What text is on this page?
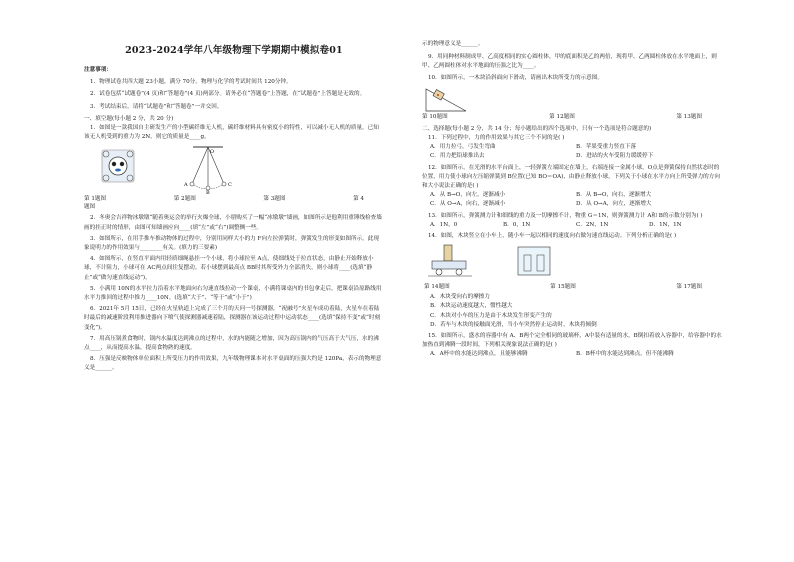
2023-2024学年八年级物理下学期期中模拟卷01

注意事项：

1．物理试卷共四大题 23小题，满分 70分。物理与化学的考试时间共 120分钟。

2．试卷包括“试题卷”(4 页)和“答题卷”(4 页)两部分。请务必在“答题卷”上答题，在“试题卷”上答题是无效的。

3．考试结束后，请将“试题卷”和“答题卷”一并交回。

一、填空题(每小题 2 分，共 20 分)

1．如图是一款我国自主研发生产的小型碳纤维无人机，碳纤维材料具有密度小的特性，可以减小无人机的质量。已知该无人机受到的重力为 2N，则它的质量是____g。

A
O
C
B
第 1题图	第 2题图	第 3题图	第 4
题图

2．冬奥会吉祥物冰墩墩“随着奥运会的举行火爆全球，小朋购买了一幅“冰墩墩”墙画，如图所示是他利用重锤线检查墙画的挂正时的情形，由图可知墙画应向____(填“左”或“右”)调整侧一些。

3．如图所示，在用手推车推动物体的过程中，分别用同样大小的力 F向左拉弹簧时，弹簧发生的形变如图所示，此现象说明力的作用效果与________有关。(填力的三要素)

4．如图所示，在竖直平面内用轻质细绳悬挂一个小球，将小球拉至 A点，使细线处于拉直状态，由静止开始释放小球，不计阻力，小球可在 AC两点间往复摆动。若小球摆到最高点 BB时其所受外力全部消失，则小球将____(选填“静止”或“做匀速直线运动”)。

5．小满用 10N的水平拉力沿着水平地面向右匀速直线拉动一个课桌，小满将课桌内的书包拿走后，把课桌沿原路线用水平力推回的过程中推力____10N。(选填“大于”、“等于”或“小于”)

6．2021年 5月 15日，已经在火星轨道上完成了三个月的天问一号探测器，“祝融号”火星车成功着陆，火星车在着陆时最后的减速阶段利用推进器向下喷气使探测器减速着陆，探测器在该运动过程中运动状态____(选填“保持不变”或“时刻变化”)。

7．用高压锅煮食物时，锅内水温度达到沸点的过程中，水的内能随之增加，因为高压锅内的气压高于大气压，水的沸点____，从而提高水温，提高食物熟的速度。

8．压强是反映物体单位面积上所受压力的作用效果，九年级物理课本对水平桌面的压强大约是 120Pa，表示的物理意义是______。

示的物理意义是______。

9．用同种材料制成甲、乙高度相同的实心圆柱体，甲的底面积是乙的两倍，现将甲、乙两圆柱体放在水平地面上，则甲、乙两圆柱体对水平地面的压强之比为____。

10．如图所示，一木块沿斜面向下滑动，请画出木块所受力的示意图。

第 10题图	第 12题图	第 13题图

二、选择题(每小题 2 分，共 14 分；每小题给出的四个选项中，只有一个选项是符合题意的)

11．下列过程中，力的作用效果与其它三个不同的是( )

A．用力拉弓，弓发生弯曲	B．苹果受重力竖直下落
C．用力把铅球推出去	D．进站的火车受阻力缓缓停下

12．如图所示，在光滑的水平台面上，一轻弹簧左端固定在墙上，右端连接一金属小球，O点是弹簧保持自然状态时的位置，用力使小球向左压缩弹簧到 B位置(已知 BO＝OA)，由静止释放小球，下列关于小球在水平方向上所受弹力的方向和大小说法正确的是( )

A．从 B→O，向左，逐渐减小	B．从 B→O，向右，逐渐增大
C．从 O→A，向右，逐渐减小	D．从 O→A，向左，逐渐增大

13．如图所示，弹簧测力计和细线的重力及一切摩擦不计，物重 G＝1N，则弹簧测力计 A和 B的示数分别为( )

A．1N，0	B．0，1N	C．2N，1N	D．1N，1N

14．如图，木块竖立在小车上，随小车一起以相同的速度向右做匀速直线运动。下列分析正确的是( )

第 14题图	第 15题图	第 17题图

A．木块受向右的摩擦力

B．木块运动速度越大，惯性越大

C．木块对小车的压力是由于木块发生形变产生的

D．若车与木块的接触面光滑，当小车突然停止运动时，木块将倾倒

15．如图所示，盛水的容器中有 A、B两个完全相同的玻璃杯，A中装有适量的水，B倒扣着放入容器中，给容器中的水加热直到沸腾一段时间，下列相关现象说法正确的是( )

A．A杯中的水能达到沸点，且能够沸腾	B．B杯中的水能达到沸点，但不能沸腾
